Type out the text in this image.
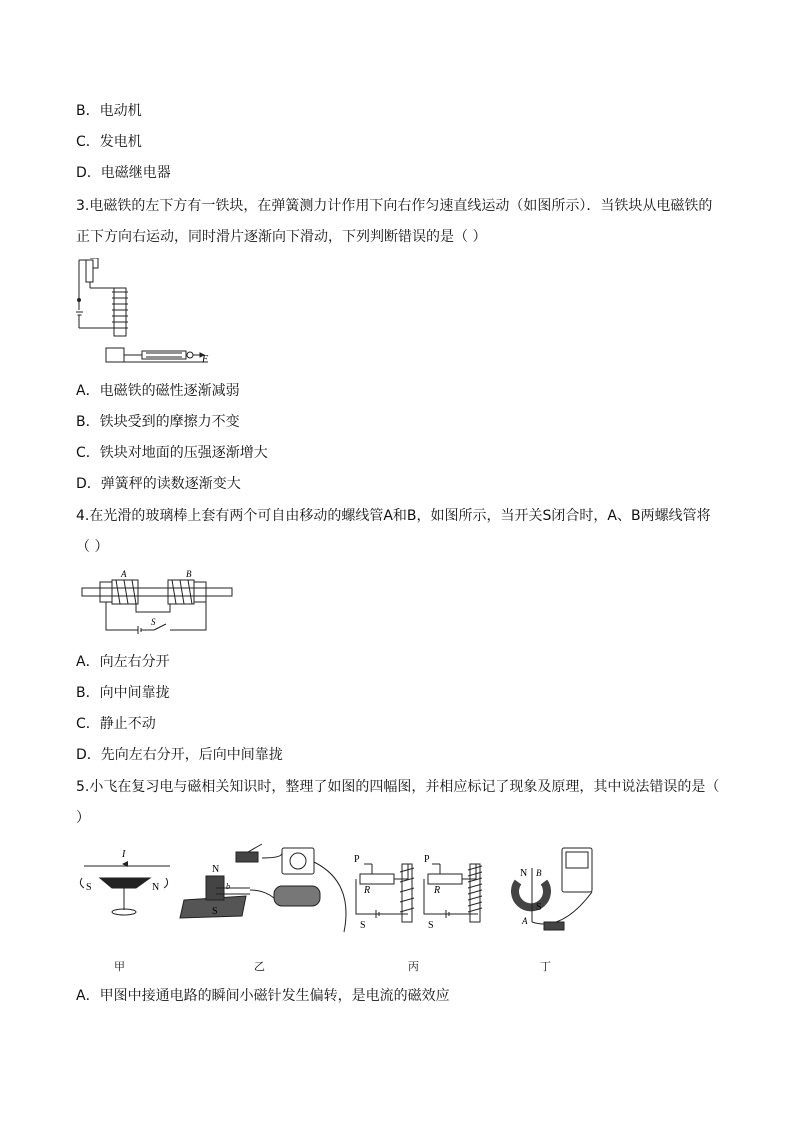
B．电动机
C．发电机
D．电磁继电器
3.电磁铁的左下方有一铁块，在弹簧测力计作用下向右作匀速直线运动（如图所示）．当铁块从电磁铁的正下方向右运动，同时滑片逐渐向下滑动，下列判断错误的是（ ）
F
A．电磁铁的磁性逐渐减弱
B．铁块受到的摩擦力不变
C．铁块对地面的压强逐渐增大
D．弹簧秤的读数逐渐变大
4.在光滑的玻璃棒上套有两个可自由移动的螺线管A和B，如图所示，当开关S闭合时，A、B两螺线管将（ ）
A	B
S
A．向左右分开
B．向中间靠拢
C．静止不动
D．先向左右分开，后向中间靠拢
5.小飞在复习电与磁相关知识时，整理了如图的四幅图，并相应标记了现象及原理，其中说法错误的是（ ）
I
S	N
N
b
S
P
R
S
P
R
S
N B
A
S
甲	乙	丙	丁
A．甲图中接通电路的瞬间小磁针发生偏转，是电流的磁效应
